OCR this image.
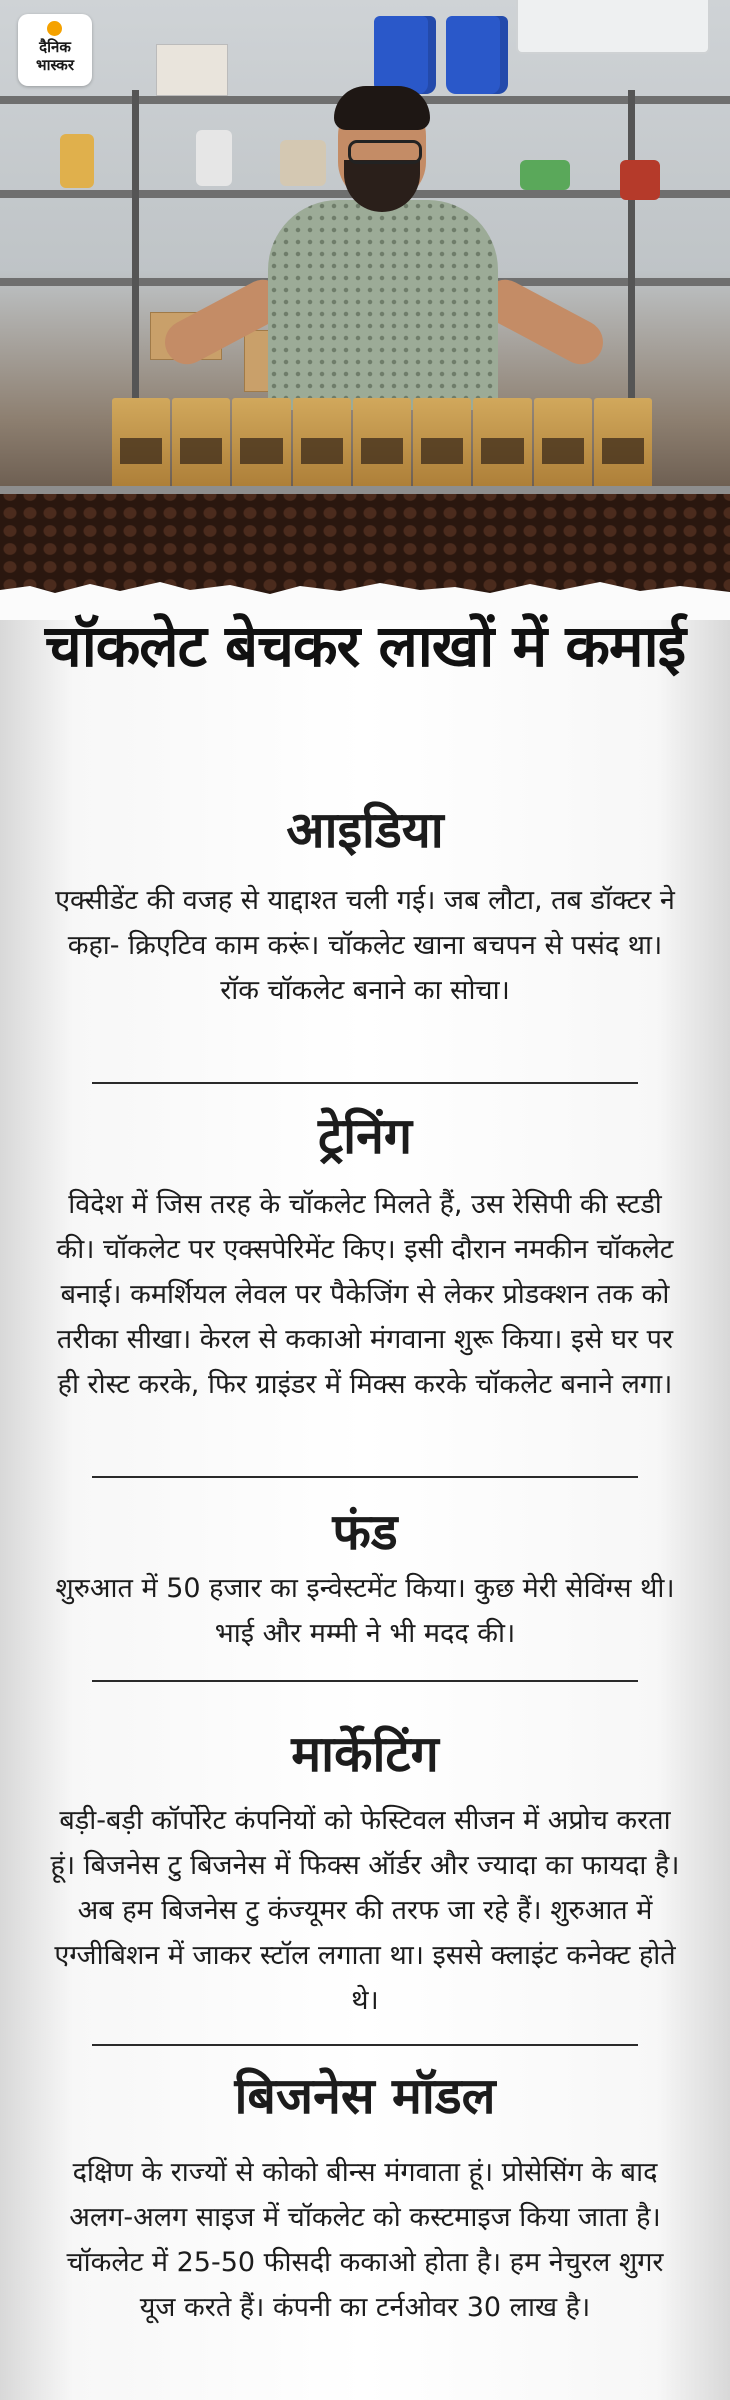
दैनिक
भास्कर
चॉकलेट बेचकर लाखों में कमाई
आइडिया
एक्सीडेंट की वजह से याद्दाश्त चली गई। जब लौटा, तब डॉक्टर ने कहा- क्रिएटिव काम करूं। चॉकलेट खाना बचपन से पसंद था। रॉक चॉकलेट बनाने का सोचा।
ट्रेनिंग
विदेश में जिस तरह के चॉकलेट मिलते हैं, उस रेसिपी की स्टडी की। चॉकलेट पर एक्सपेरिमेंट किए। इसी दौरान नमकीन चॉकलेट बनाई। कमर्शियल लेवल पर पैकेजिंग से लेकर प्रोडक्शन तक को तरीका सीखा। केरल से ककाओ मंगवाना शुरू किया। इसे घर पर ही रोस्ट करके, फिर ग्राइंडर में मिक्स करके चॉकलेट बनाने लगा।
फंड
शुरुआत में 50 हजार का इन्वेस्टमेंट किया। कुछ मेरी सेविंग्स थी। भाई और मम्मी ने भी मदद की।
मार्केटिंग
बड़ी-बड़ी कॉर्पोरेट कंपनियों को फेस्टिवल सीजन में अप्रोच करता हूं। बिजनेस टु बिजनेस में फिक्स ऑर्डर और ज्यादा का फायदा है। अब हम बिजनेस टु कंज्यूमर की तरफ जा रहे हैं। शुरुआत में एग्जीबिशन में जाकर स्टॉल लगाता था। इससे क्लाइंट कनेक्ट होते थे।
बिजनेस मॉडल
दक्षिण के राज्यों से कोको बीन्स मंगवाता हूं। प्रोसेसिंग के बाद अलग-अलग साइज में चॉकलेट को कस्टमाइज किया जाता है। चॉकलेट में 25-50 फीसदी ककाओ होता है। हम नेचुरल शुगर यूज करते हैं। कंपनी का टर्नओवर 30 लाख है।
